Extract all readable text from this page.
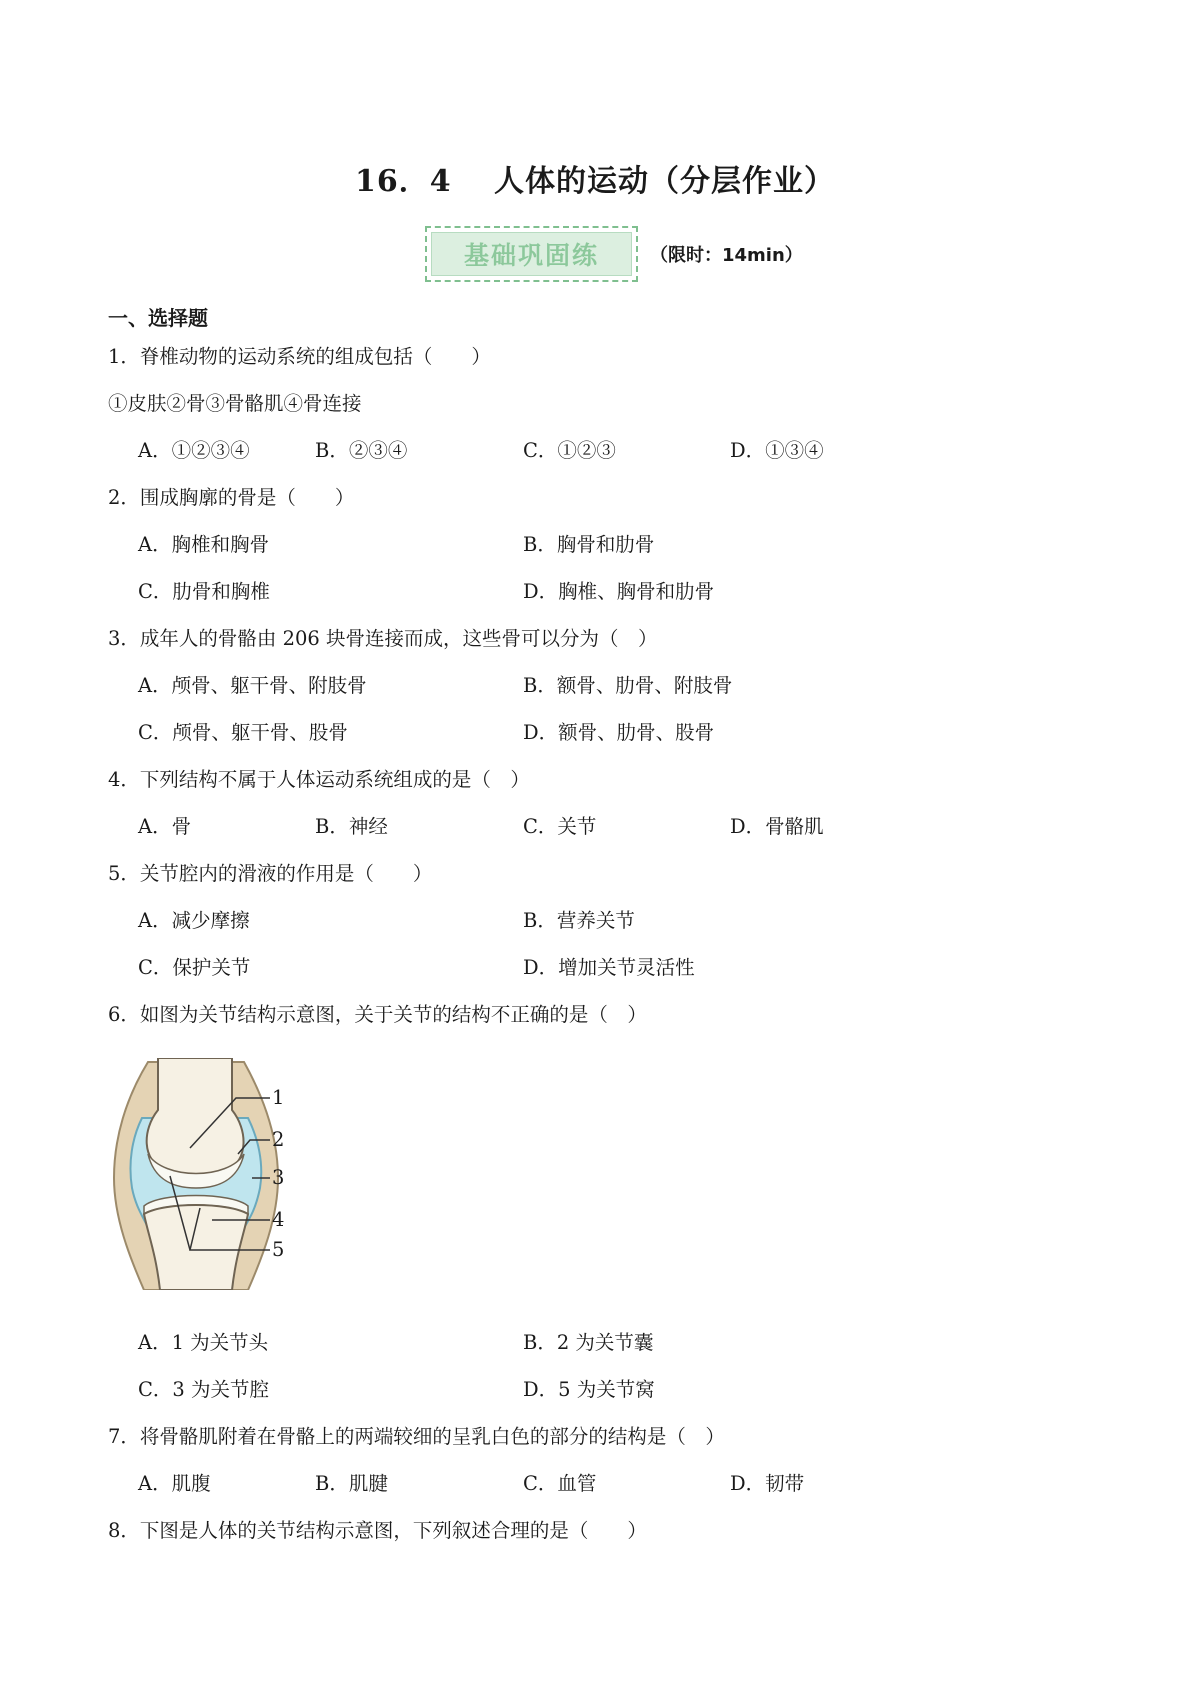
16．4　 人体的运动（分层作业）
基础巩固练	（限时：14min）
一、选择题
1．脊椎动物的运动系统的组成包括（　　）
①皮肤②骨③骨骼肌④骨连接
A．①②③④	B．②③④	C．①②③	D．①③④
2．围成胸廓的骨是（　　）
A．胸椎和胸骨	B．胸骨和肋骨
C．肋骨和胸椎	D．胸椎、胸骨和肋骨
3．成年人的骨骼由 206 块骨连接而成，这些骨可以分为（　）
A．颅骨、躯干骨、附肢骨	B．额骨、肋骨、附肢骨
C．颅骨、躯干骨、股骨	D．额骨、肋骨、股骨
4．下列结构不属于人体运动系统组成的是（　）
A．骨	B．神经	C．关节	D．骨骼肌
5．关节腔内的滑液的作用是（　　）
A．减少摩擦	B．营养关节
C．保护关节	D．增加关节灵活性
6．如图为关节结构示意图，关于关节的结构不正确的是（　）
1
2
3
4
5
A．1 为关节头	B．2 为关节囊
C．3 为关节腔	D．5 为关节窝
7．将骨骼肌附着在骨骼上的两端较细的呈乳白色的部分的结构是（　）
A．肌腹	B．肌腱	C．血管	D．韧带
8．下图是人体的关节结构示意图，下列叙述合理的是（　　）
